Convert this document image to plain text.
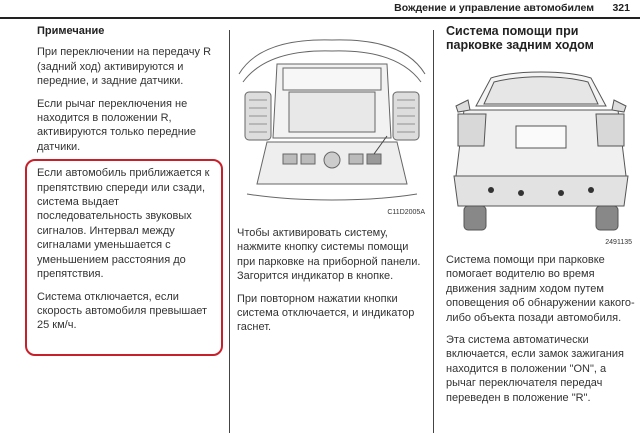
Вождение и управление автомобилем 321

Примечание

При переключении на передачу R (задний ход) активируются и передние, и задние датчики.

Если рычаг переключения не находится в положении R, активируются только передние датчики.

Если автомобиль приближается к препятствию спереди или сзади, система выдает последовательность звуковых сигналов. Интервал между сигналами уменьшается с уменьшением расстояния до препятствия.

Система отключается, если скорость автомобиля превышает 25 км/ч.

C11D2005A

Чтобы активировать систему, нажмите кнопку системы помощи при парковке на приборной панели. Загорится индикатор в кнопке.

При повторном нажатии кнопки система отключается, и индикатор гаснет.

Система помощи при парковке задним ходом

2491135

Система помощи при парковке помогает водителю во время движения задним ходом путем оповещения об обнаружении какого-либо объекта позади автомобиля.

Эта система автоматически включается, если замок зажигания находится в положении "ON", а рычаг переключателя передач переведен в положение "R".
